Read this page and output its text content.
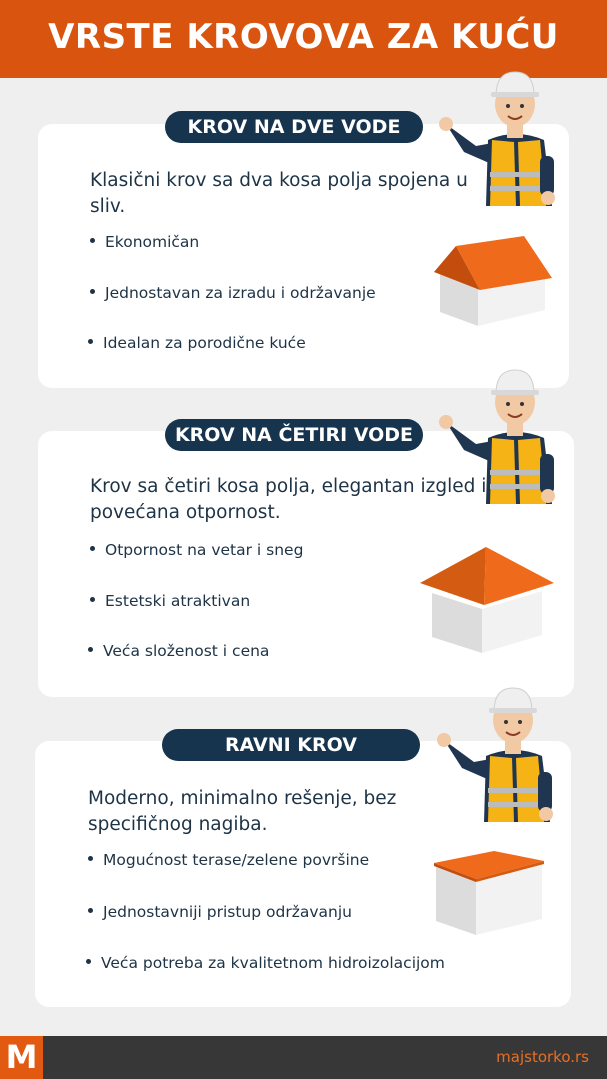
VRSTE KROVOVA ZA KUĆU
KROV NA DVE VODE
Klasični krov sa dva kosa polja spojena u sliv.
Ekonomičan
Jednostavan za izradu i održavanje
Idealan za porodične kuće
KROV NA ČETIRI VODE
Krov sa četiri kosa polja, elegantan izgled i povećana otpornost.
Otpornost na vetar i sneg
Estetski atraktivan
Veća složenost i cena
RAVNI KROV
Moderno, minimalno rešenje, bez specifičnog nagiba.
Mogućnost terase/zelene površine
Jednostavniji pristup održavanju
Veća potreba za kvalitetnom hidroizolacijom
M	majstorko.rs
